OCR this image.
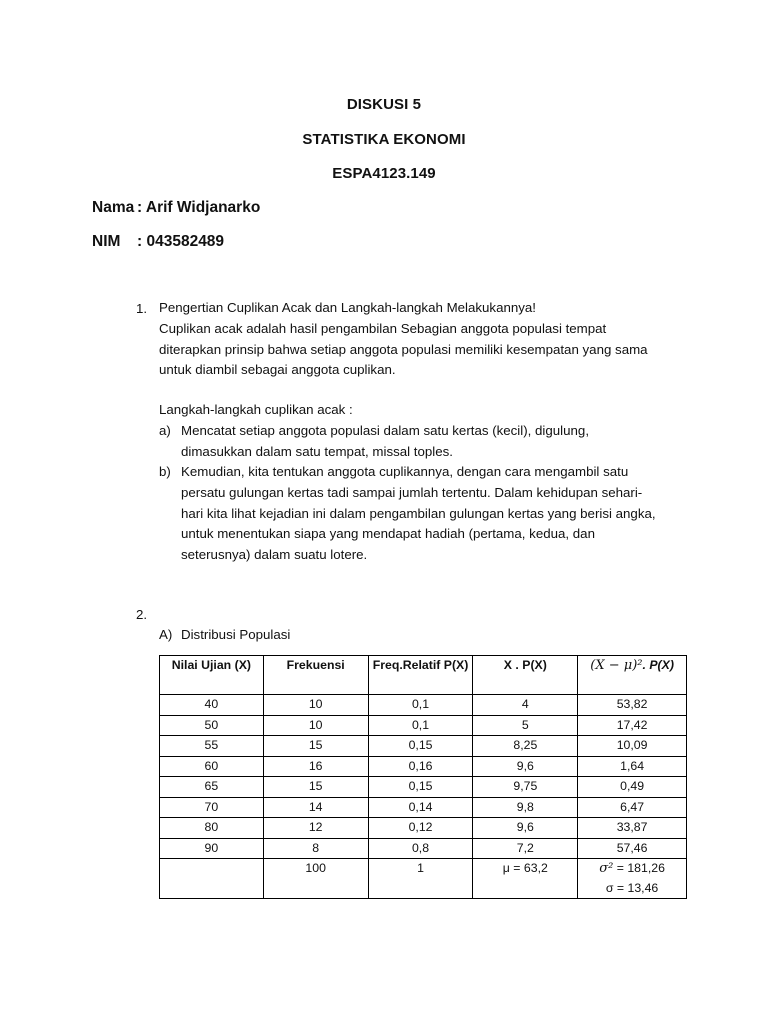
DISKUSI 5
STATISTIKA EKONOMI
ESPA4123.149
Nama : Arif Widjanarko
NIM : 043582489
1. Pengertian Cuplikan Acak dan Langkah-langkah Melakukannya!
Cuplikan acak adalah hasil pengambilan Sebagian anggota populasi tempat
diterapkan prinsip bahwa setiap anggota populasi memiliki kesempatan yang sama
untuk diambil sebagai anggota cuplikan.
Langkah-langkah cuplikan acak :
a) Mencatat setiap anggota populasi dalam satu kertas (kecil), digulung,
dimasukkan dalam satu tempat, missal toples.
b) Kemudian, kita tentukan anggota cuplikannya, dengan cara mengambil satu
persatu gulungan kertas tadi sampai jumlah tertentu. Dalam kehidupan sehari-
hari kita lihat kejadian ini dalam pengambilan gulungan kertas yang berisi angka,
untuk menentukan siapa yang mendapat hadiah (pertama, kedua, dan
seterusnya) dalam suatu lotere.
2.
A) Distribusi Populasi
Nilai Ujian (X)	Frekuensi	Freq.Relatif P(X)	X . P(X)	(X − μ)². P(X)
40	10	0,1	4	53,82
50	10	0,1	5	17,42
55	15	0,15	8,25	10,09
60	16	0,16	9,6	1,64
65	15	0,15	9,75	0,49
70	14	0,14	9,8	6,47
80	12	0,12	9,6	33,87
90	8	0,8	7,2	57,46
	100	1	μ = 63,2	σ² = 181,26
σ = 13,46
